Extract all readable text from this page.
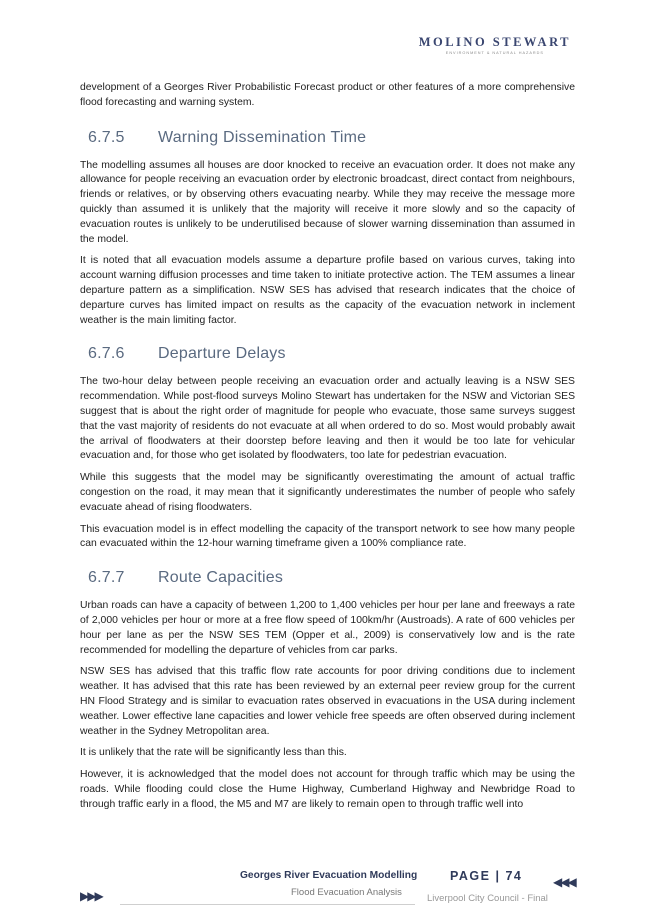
MOLINO STEWART
ENVIRONMENT & NATURAL HAZARDS

development of a Georges River Probabilistic Forecast product or other features of a more comprehensive flood forecasting and warning system.

6.7.5	Warning Dissemination Time

The modelling assumes all houses are door knocked to receive an evacuation order. It does not make any allowance for people receiving an evacuation order by electronic broadcast, direct contact from neighbours, friends or relatives, or by observing others evacuating nearby. While they may receive the message more quickly than assumed it is unlikely that the majority will receive it more slowly and so the capacity of evacuation routes is unlikely to be underutilised because of slower warning dissemination than assumed in the model.

It is noted that all evacuation models assume a departure profile based on various curves, taking into account warning diffusion processes and time taken to initiate protective action. The TEM assumes a linear departure pattern as a simplification. NSW SES has advised that research indicates that the choice of departure curves has limited impact on results as the capacity of the evacuation network in inclement weather is the main limiting factor.

6.7.6	Departure Delays

The two-hour delay between people receiving an evacuation order and actually leaving is a NSW SES recommendation. While post-flood surveys Molino Stewart has undertaken for the NSW and Victorian SES suggest that is about the right order of magnitude for people who evacuate, those same surveys suggest that the vast majority of residents do not evacuate at all when ordered to do so. Most would probably await the arrival of floodwaters at their doorstep before leaving and then it would be too late for vehicular evacuation and, for those who get isolated by floodwaters, too late for pedestrian evacuation.

While this suggests that the model may be significantly overestimating the amount of actual traffic congestion on the road, it may mean that it significantly underestimates the number of people who safely evacuate ahead of rising floodwaters.

This evacuation model is in effect modelling the capacity of the transport network to see how many people can evacuated within the 12-hour warning timeframe given a 100% compliance rate.

6.7.7	Route Capacities

Urban roads can have a capacity of between 1,200 to 1,400 vehicles per hour per lane and freeways a rate of 2,000 vehicles per hour or more at a free flow speed of 100km/hr (Austroads). A rate of 600 vehicles per hour per lane as per the NSW SES TEM (Opper et al., 2009) is conservatively low and is the rate recommended for modelling the departure of vehicles from car parks.

NSW SES has advised that this traffic flow rate accounts for poor driving conditions due to inclement weather. It has advised that this rate has been reviewed by an external peer review group for the current HN Flood Strategy and is similar to evacuation rates observed in evacuations in the USA during inclement weather. Lower effective lane capacities and lower vehicle free speeds are often observed during inclement weather in the Sydney Metropolitan area.

It is unlikely that the rate will be significantly less than this.

However, it is acknowledged that the model does not account for through traffic which may be using the roads. While flooding could close the Hume Highway, Cumberland Highway and Newbridge Road to through traffic early in a flood, the M5 and M7 are likely to remain open to through traffic well into

▶▶▶
Georges River Evacuation Modelling
Flood Evacuation Analysis
PAGE | 74	◀◀◀
Liverpool City Council - Final
